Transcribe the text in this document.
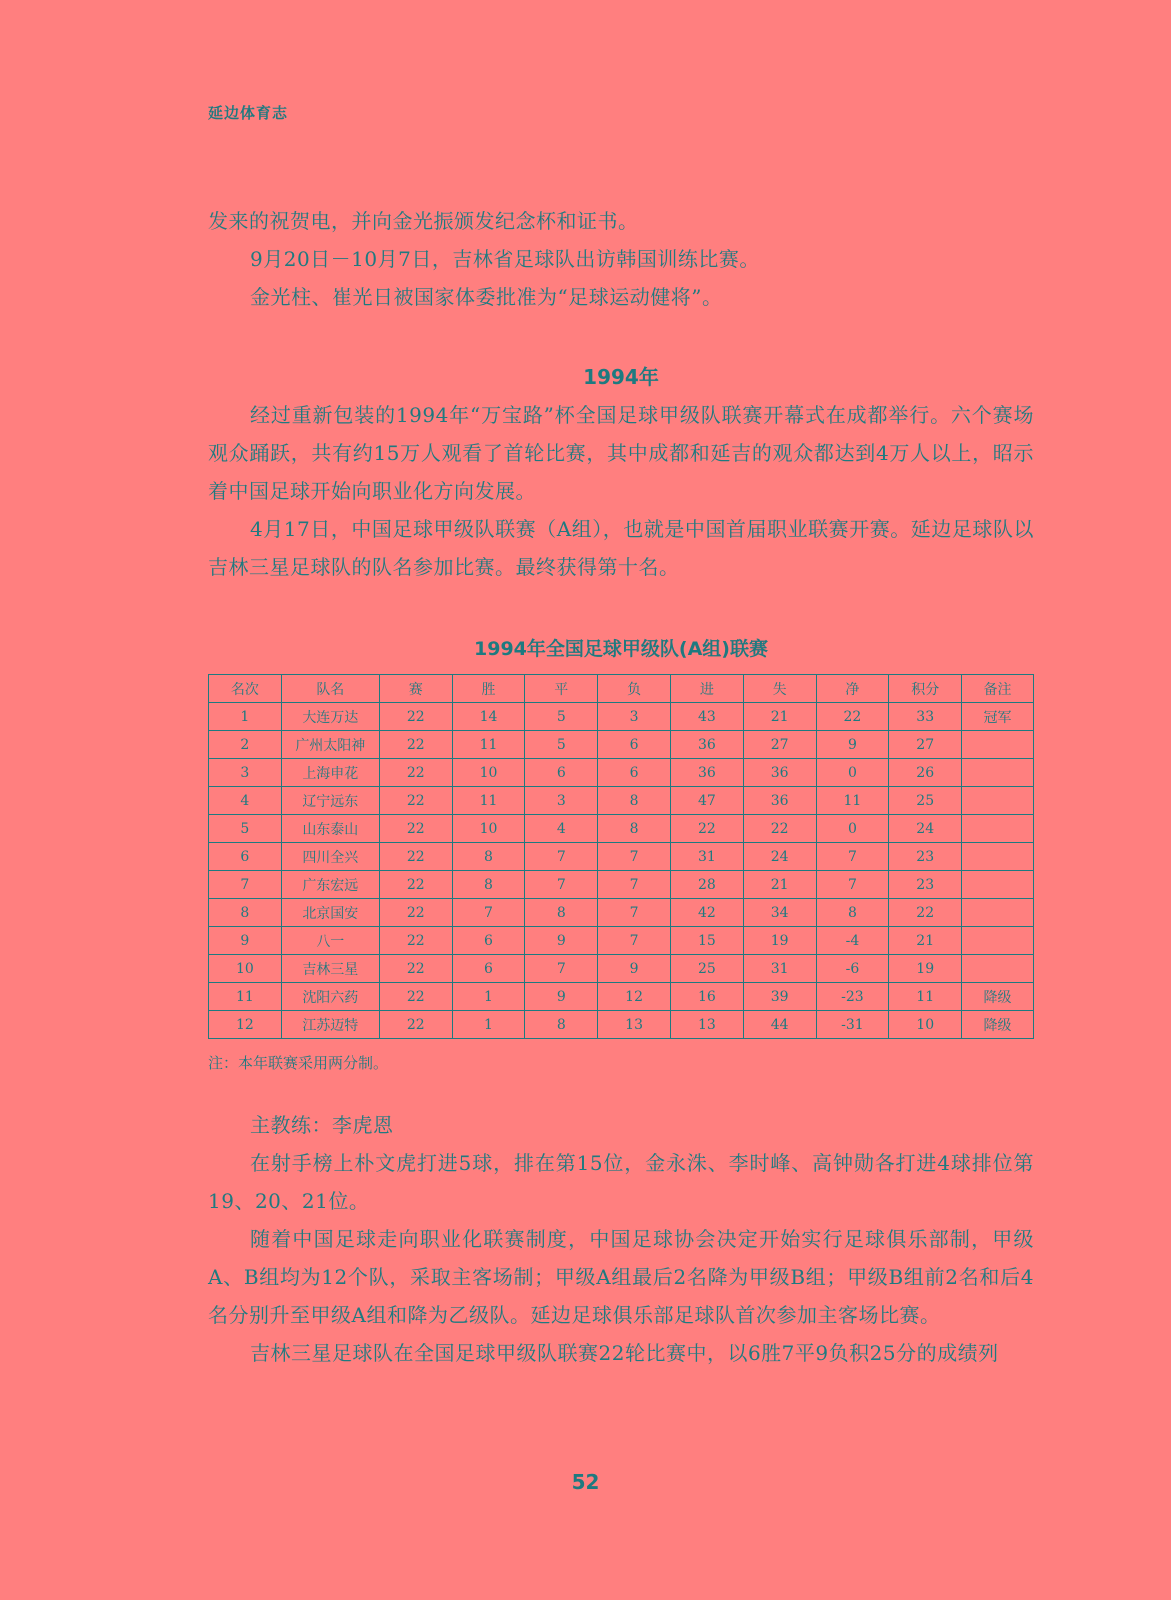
延边体育志

发来的祝贺电，并向金光振颁发纪念杯和证书。

9月20日－10月7日，吉林省足球队出访韩国训练比赛。

金光柱、崔光日被国家体委批准为“足球运动健将”。

1994年

经过重新包装的1994年“万宝路”杯全国足球甲级队联赛开幕式在成都举行。六个赛场观众踊跃，共有约15万人观看了首轮比赛，其中成都和延吉的观众都达到4万人以上，昭示着中国足球开始向职业化方向发展。

4月17日，中国足球甲级队联赛（A组），也就是中国首届职业联赛开赛。延边足球队以吉林三星足球队的队名参加比赛。最终获得第十名。

1994年全国足球甲级队(A组)联赛
名次	队名	赛	胜	平	负	进	失	净	积分	备注
1	大连万达	22	14	5	3	43	21	22	33	冠军
2	广州太阳神	22	11	5	6	36	27	9	27	
3	上海申花	22	10	6	6	36	36	0	26	
4	辽宁远东	22	11	3	8	47	36	11	25	
5	山东泰山	22	10	4	8	22	22	0	24	
6	四川全兴	22	8	7	7	31	24	7	23	
7	广东宏远	22	8	7	7	28	21	7	23	
8	北京国安	22	7	8	7	42	34	8	22	
9	八一	22	6	9	7	15	19	-4	21	
10	吉林三星	22	6	7	9	25	31	-6	19	
11	沈阳六药	22	1	9	12	16	39	-23	11	降级
12	江苏迈特	22	1	8	13	13	44	-31	10	降级
注：本年联赛采用两分制。

主教练：李虎恩

在射手榜上朴文虎打进5球，排在第15位，金永洙、李时峰、高钟勋各打进4球排位第19、20、21位。

随着中国足球走向职业化联赛制度，中国足球协会决定开始实行足球俱乐部制，甲级A、B组均为12个队，采取主客场制；甲级A组最后2名降为甲级B组；甲级B组前2名和后4名分别升至甲级A组和降为乙级队。延边足球俱乐部足球队首次参加主客场比赛。

吉林三星足球队在全国足球甲级队联赛22轮比赛中，以6胜7平9负积25分的成绩列

52
